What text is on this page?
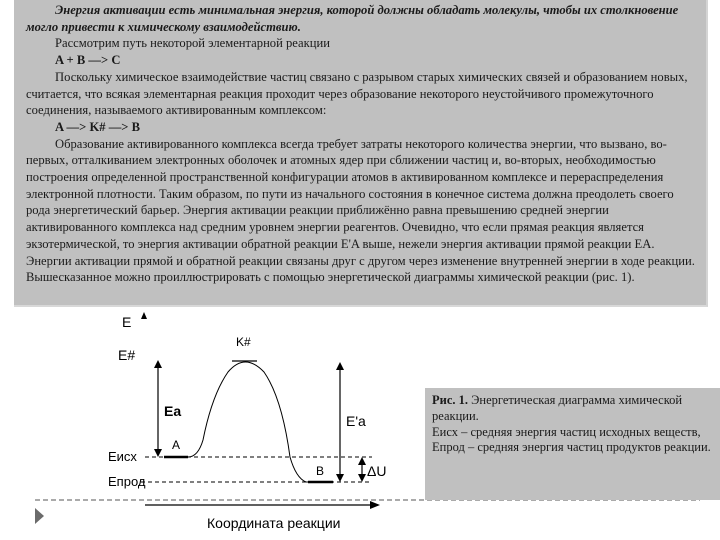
Энергия активации есть минимальная энергия, которой должны обладать молекулы, чтобы их столкновение могло привести к химическому взаимодействию.

Рассмотрим путь некоторой элементарной реакции

A + B —> C

Поскольку химическое взаимодействие частиц связано с разрывом старых химических связей и образованием новых, считается, что всякая элементарная реакция проходит через образование некоторого неустойчивого промежуточного соединения, называемого активированным комплексом:

A —> K# —> B

Образование активированного комплекса всегда требует затраты некоторого количества энергии, что вызвано, во-первых, отталкиванием электронных оболочек и атомных ядер при сближении частиц и, во-вторых, необходимостью построения определенной пространственной конфигурации атомов в активированном комплексе и перераспределения электронной плотности. Таким образом, по пути из начального состояния в конечное система должна преодолеть своего рода энергетический барьер. Энергия активации реакции приближённо равна превышению средней энергии активированного комплекса над средним уровнем энергии реагентов. Очевидно, что если прямая реакция является экзотермической, то энергия активации обратной реакции E'A выше, нежели энергия активации прямой реакции EA. Энергии активации прямой и обратной реакции связаны друг с другом через изменение внутренней энергии в ходе реакции. Вышесказанное можно проиллюстрировать с помощью энергетической диаграммы химической реакции (рис. 1).

E
E#
K#
Eа
E'а
A
B
Eисх
Eпрод
ΔU
Координата реакции

Рис. 1. Энергетическая диаграмма химической реакции.

Eисх – средняя энергия частиц исходных веществ,

Eпрод – средняя энергия частиц продуктов реакции.
